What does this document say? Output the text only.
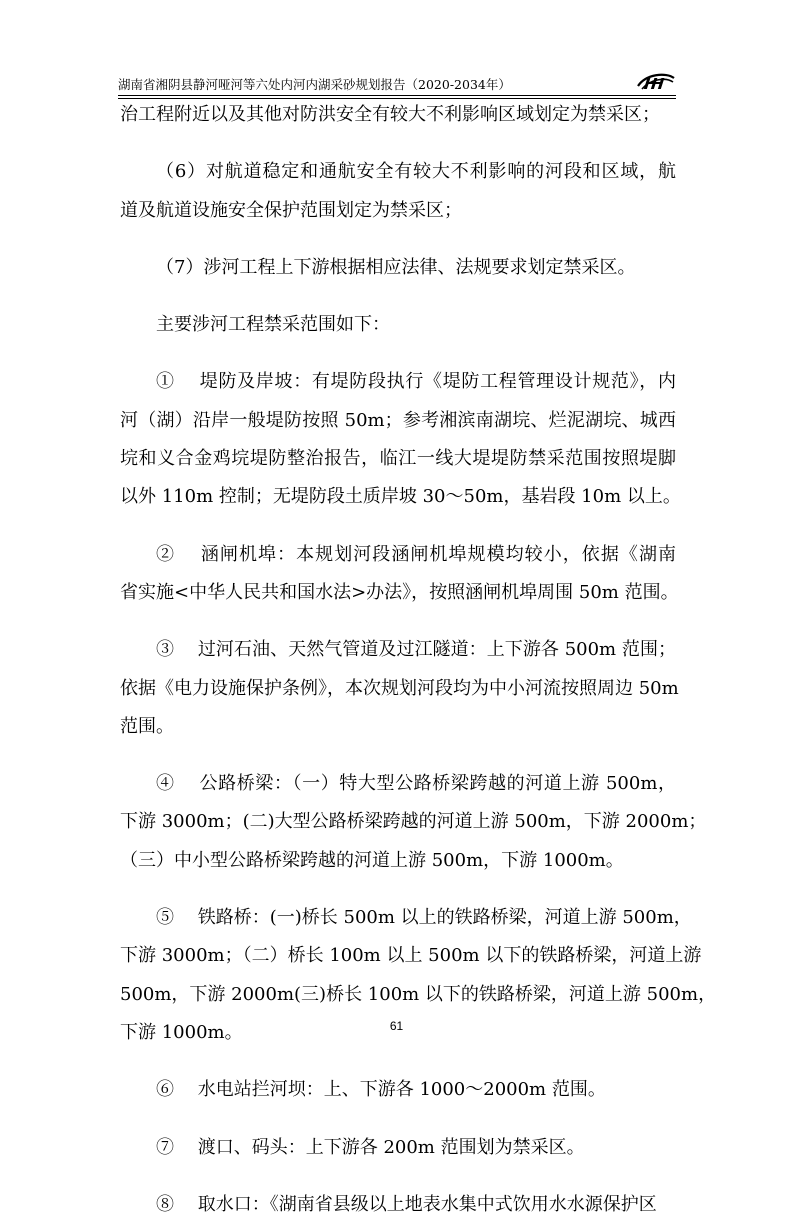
湖南省湘阴县静河哑河等六处内河内湖采砂规划报告（2020-2034年）
治工程附近以及其他对防洪安全有较大不利影响区域划定为禁采区；
（6）对航道稳定和通航安全有较大不利影响的河段和区域，航
道及航道设施安全保护范围划定为禁采区；
（7）涉河工程上下游根据相应法律、法规要求划定禁采区。
主要涉河工程禁采范围如下：
①　 堤防及岸坡：有堤防段执行《堤防工程管理设计规范》，内
河（湖）沿岸一般堤防按照 50m；参考湘滨南湖垸、烂泥湖垸、城西
垸和义合金鸡垸堤防整治报告，临江一线大堤堤防禁采范围按照堤脚
以外 110m 控制；无堤防段土质岸坡 30～50m，基岩段 10m 以上。
②　 涵闸机埠：本规划河段涵闸机埠规模均较小，依据《湖南
省实施<中华人民共和国水法>办法》，按照涵闸机埠周围 50m 范围。
③　 过河石油、天然气管道及过江隧道：上下游各 500m 范围；
依据《电力设施保护条例》，本次规划河段均为中小河流按照周边 50m
范围。
④　 公路桥梁：（一）特大型公路桥梁跨越的河道上游 500m，
下游 3000m；(二)大型公路桥梁跨越的河道上游 500m，下游 2000m；
（三）中小型公路桥梁跨越的河道上游 500m，下游 1000m。
⑤　 铁路桥：(一)桥长 500m 以上的铁路桥梁，河道上游 500m，
下游 3000m；（二）桥长 100m 以上 500m 以下的铁路桥梁，河道上游
500m，下游 2000m(三)桥长 100m 以下的铁路桥梁，河道上游 500m，
下游 1000m。
⑥　 水电站拦河坝：上、下游各 1000～2000m 范围。
⑦　 渡口、码头：上下游各 200m 范围划为禁采区。
⑧　 取水口：《湖南省县级以上地表水集中式饮用水水源保护区
61
